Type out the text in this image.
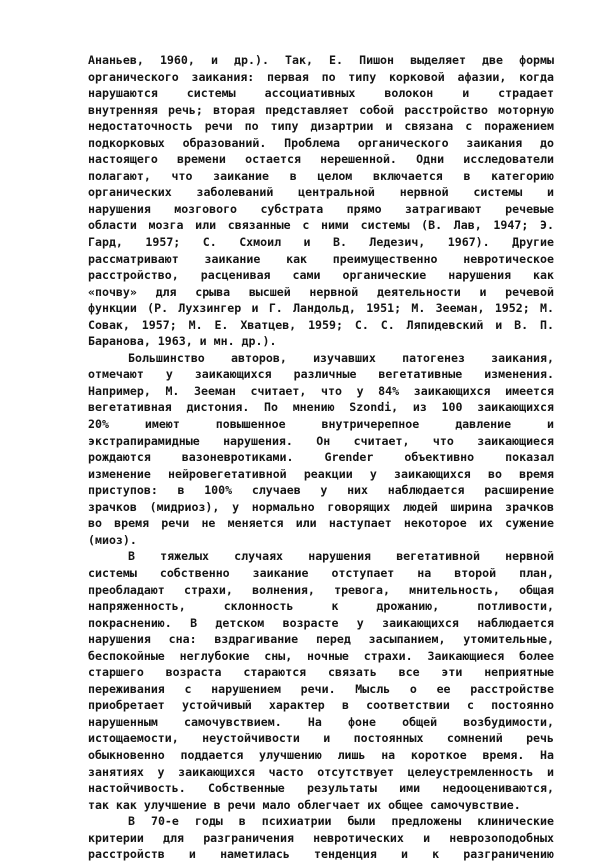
Ананьев, 1960, и др.). Так, Е. Пишон выделяет две формы
органического заикания: первая по типу корковой афазии, когда
нарушаются системы ассоциативных волокон и страдает
внутренняя речь; вторая представляет собой расстройство моторную
недостаточность речи по типу дизартрии и связана с поражением
подкорковых образований. Проблема органического заикания до
настоящего времени остается нерешенной. Одни исследователи
полагают, что заикание в целом включается в категорию
органических заболеваний центральной нервной системы и
нарушения мозгового субстрата прямо затрагивают речевые
области мозга или связанные с ними системы (В. Лав, 1947; Э.
Гард, 1957; С. Схмоил и В. Ледезич, 1967). Другие
рассматривают заикание как преимущественно невротическое
расстройство, расценивая сами органические нарушения как
«почву» для срыва высшей нервной деятельности и речевой
функции (Р. Лухзингер и Г. Ландольд, 1951; М. Зееман, 1952; М.
Совак, 1957; М. Е. Хватцев, 1959; С. С. Ляпидевский и В. П.
Баранова, 1963, и мн. др.).
Большинство авторов, изучавших патогенез заикания,
отмечают у заикающихся различные вегетативные изменения.
Например, М. Зееман считает, что у 84% заикающихся имеется
вегетативная дистония. По мнению Szondi, из 100 заикающихся
20% имеют повышенное внутричерепное давление и
экстрапирамидные нарушения. Он считает, что заикающиеся
рождаются вазоневротиками. Grender объективно показал
изменение нейровегетативной реакции у заикающихся во время
приступов: в 100% случаев у них наблюдается расширение
зрачков (мидриоз), у нормально говорящих людей ширина зрачков
во время речи не меняется или наступает некоторое их сужение
(миоз).
В тяжелых случаях нарушения вегетативной нервной
системы собственно заикание отступает на второй план,
преобладают страхи, волнения, тревога, мнительность, общая
напряженность, склонность к дрожанию, потливости,
покраснению. В детском возрасте у заикающихся наблюдается
нарушения сна: вздрагивание перед засыпанием, утомительные,
беспокойные неглубокие сны, ночные страхи. Заикающиеся более
старшего возраста стараются связать все эти неприятные
переживания с нарушением речи. Мысль о ее расстройстве
приобретает устойчивый характер в соответствии с постоянно
нарушенным самочувствием. На фоне общей возбудимости,
истощаемости, неустойчивости и постоянных сомнений речь
обыкновенно поддается улучшению лишь на короткое время. На
занятиях у заикающихся часто отсутствует целеустремленность и
настойчивость. Собственные результаты ими недооцениваются,
так как улучшение в речи мало облегчает их общее самочувствие.
В 70-е годы в психиатрии были предложены клинические
критерии для разграничения невротических и неврозоподобных
расстройств и наметилась тенденция и к разграничению
